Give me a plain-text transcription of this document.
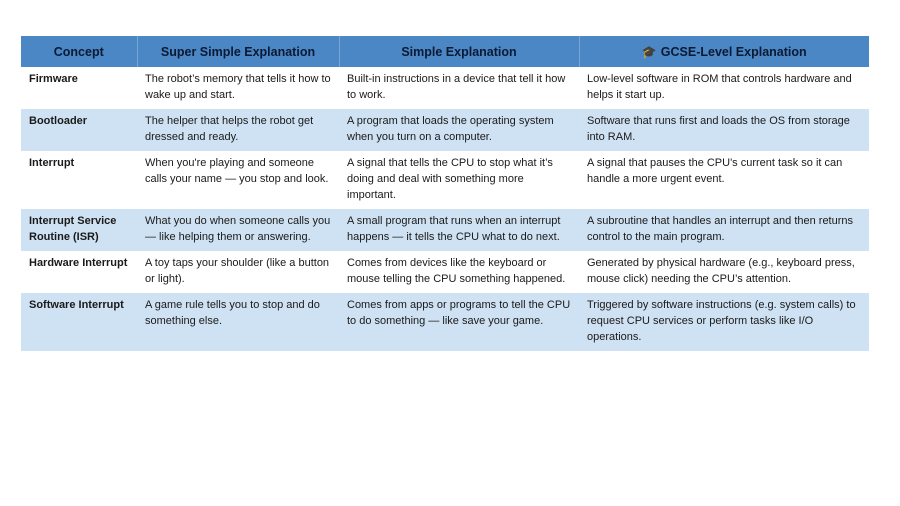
Concept	Super Simple Explanation	Simple Explanation	🎓 GCSE-Level Explanation
Firmware	The robot’s memory that tells it how to wake up and start.	Built-in instructions in a device that tell it how to work.	Low-level software in ROM that controls hardware and helps it start up.
Bootloader	The helper that helps the robot get dressed and ready.	A program that loads the operating system when you turn on a computer.	Software that runs first and loads the OS from storage into RAM.
Interrupt	When you're playing and someone calls your name — you stop and look.	A signal that tells the CPU to stop what it’s doing and deal with something more important.	A signal that pauses the CPU's current task so it can handle a more urgent event.
Interrupt Service Routine (ISR)	What you do when someone calls you — like helping them or answering.	A small program that runs when an interrupt happens — it tells the CPU what to do next.	A subroutine that handles an interrupt and then returns control to the main program.
Hardware Interrupt	A toy taps your shoulder (like a button or light).	Comes from devices like the keyboard or mouse telling the CPU something happened.	Generated by physical hardware (e.g., keyboard press, mouse click) needing the CPU’s attention.
Software Interrupt	A game rule tells you to stop and do something else.	Comes from apps or programs to tell the CPU to do something — like save your game.	Triggered by software instructions (e.g. system calls) to request CPU services or perform tasks like I/O operations.
